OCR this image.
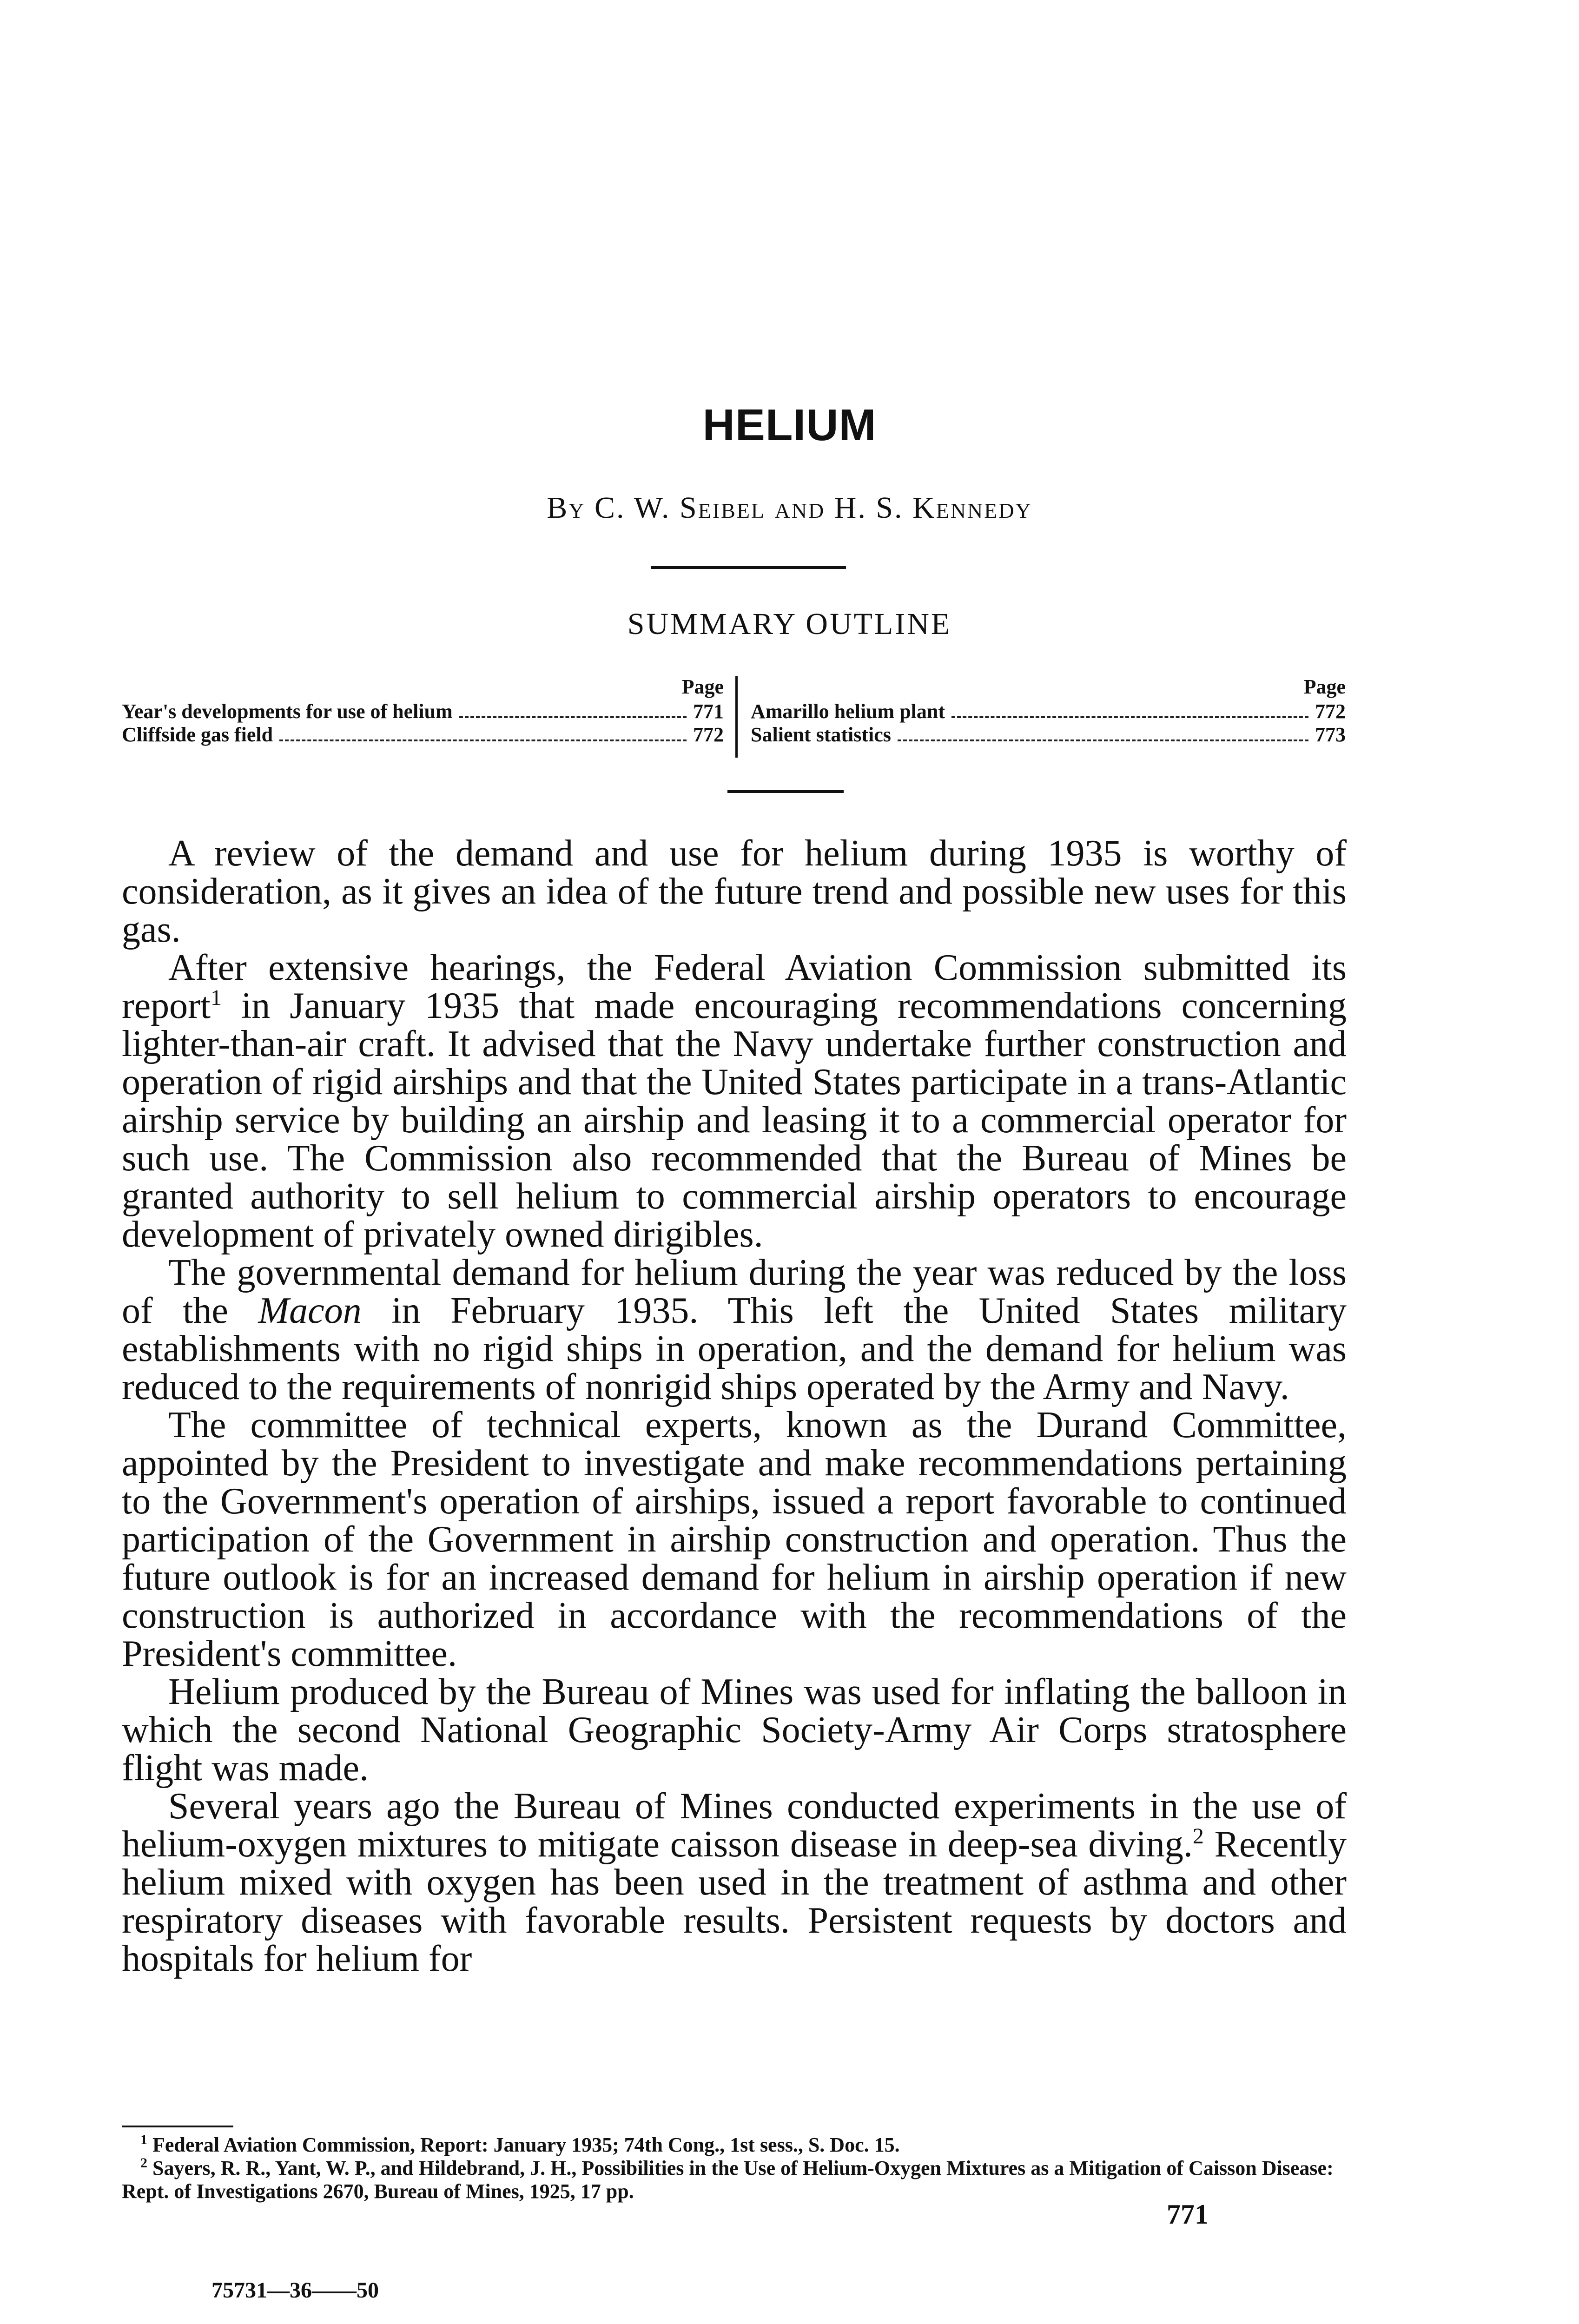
HELIUM
By C. W. Seibel and H. S. Kennedy
SUMMARY OUTLINE
Page
Year's developments for use of helium	771
Cliffside gas field	772
Page
Amarillo helium plant	772
Salient statistics	773

A review of the demand and use for helium during 1935 is worthy of consideration, as it gives an idea of the future trend and possible new uses for this gas.

After extensive hearings, the Federal Aviation Commission submitted its report$^1$ in January 1935 that made encouraging recommendations concerning lighter-than-air craft. It advised that the Navy undertake further construction and operation of rigid airships and that the United States participate in a trans-Atlantic airship service by building an airship and leasing it to a commercial operator for such use. The Commission also recommended that the Bureau of Mines be granted authority to sell helium to commercial airship operators to encourage development of privately owned dirigibles.

The governmental demand for helium during the year was reduced by the loss of the Macon in February 1935. This left the United States military establishments with no rigid ships in operation, and the demand for helium was reduced to the requirements of nonrigid ships operated by the Army and Navy.

The committee of technical experts, known as the Durand Committee, appointed by the President to investigate and make recommendations pertaining to the Government's operation of airships, issued a report favorable to continued participation of the Government in airship construction and operation. Thus the future outlook is for an increased demand for helium in airship operation if new construction is authorized in accordance with the recommendations of the President's committee.

Helium produced by the Bureau of Mines was used for inflating the balloon in which the second National Geographic Society-Army Air Corps stratosphere flight was made.

Several years ago the Bureau of Mines conducted experiments in the use of helium-oxygen mixtures to mitigate caisson disease in deep-sea diving.$^2$ Recently helium mixed with oxygen has been used in the treatment of asthma and other respiratory diseases with favorable results. Persistent requests by doctors and hospitals for helium for

$^1$ Federal Aviation Commission, Report: January 1935; 74th Cong., 1st sess., S. Doc. 15.

$^2$ Sayers, R. R., Yant, W. P., and Hildebrand, J. H., Possibilities in the Use of Helium-Oxygen Mixtures as a Mitigation of Caisson Disease: Rept. of Investigations 2670, Bureau of Mines, 1925, 17 pp.

771
75731—36——50
